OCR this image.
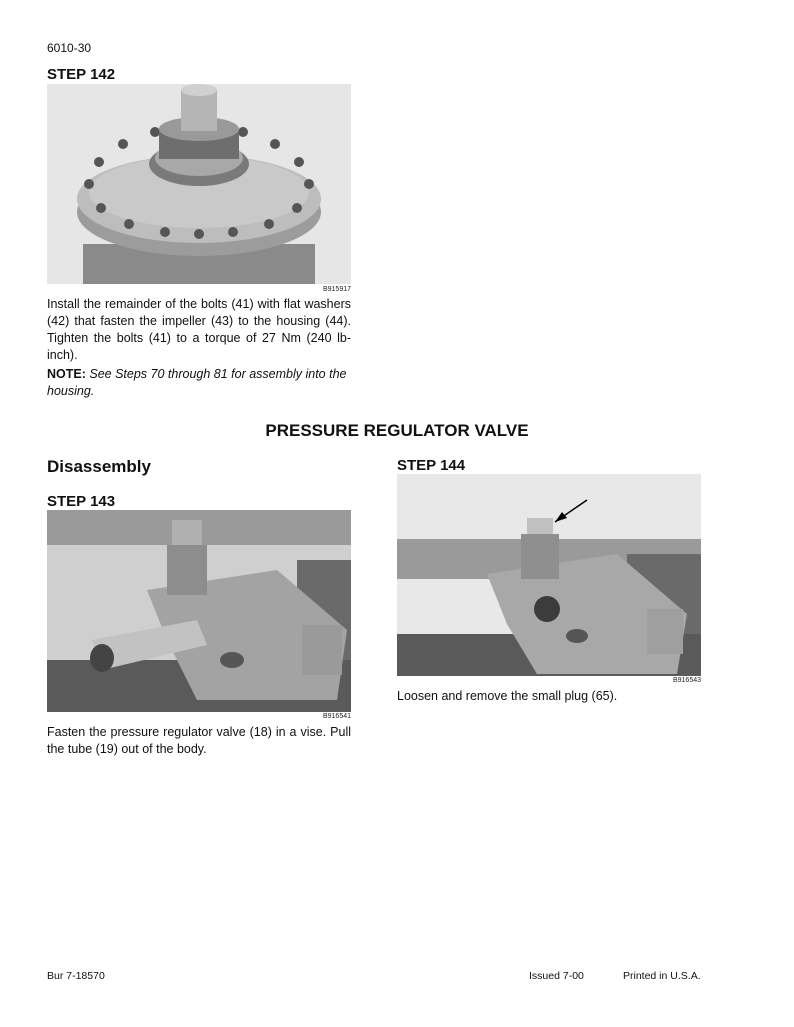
6010-30
STEP 142
B915917
Install the remainder of the bolts (41) with flat washers (42) that fasten the impeller (43) to the housing (44). Tighten the bolts (41) to a torque of 27 Nm (240 lb-inch).
NOTE: See Steps 70 through 81 for assembly into the housing.
PRESSURE REGULATOR VALVE
Disassembly
STEP 143
B916541
Fasten the pressure regulator valve (18) in a vise. Pull the tube (19) out of the body.
STEP 144
B916543
Loosen and remove the small plug (65).
Bur 7-18570	Issued 7-00	Printed in U.S.A.
